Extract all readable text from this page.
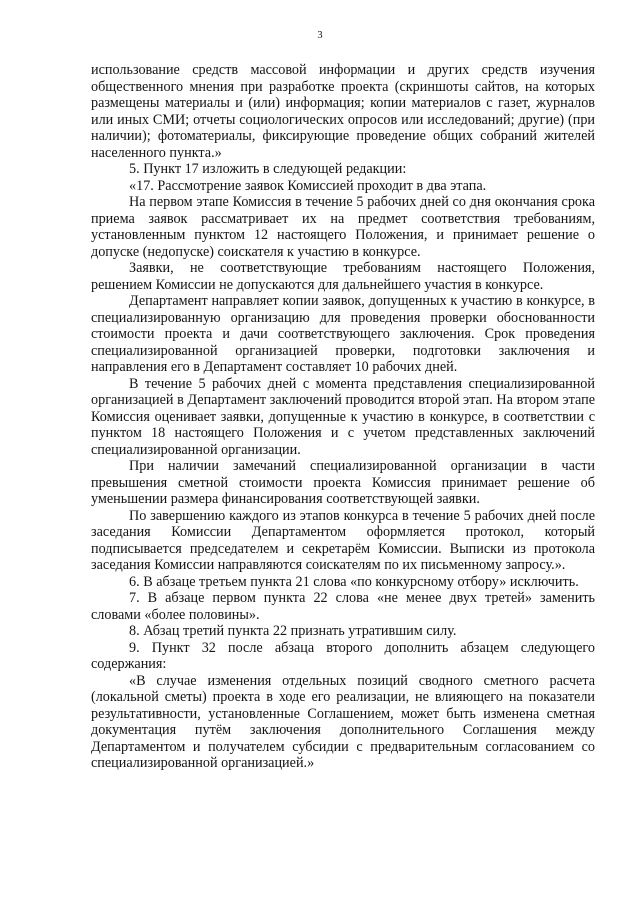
3

использование средств массовой информации и других средств изучения общественного мнения при разработке проекта (скриншоты сайтов, на которых размещены материалы и (или) информация; копии материалов с газет, журналов или иных СМИ; отчеты социологических опросов или исследований; другие) (при наличии); фотоматериалы, фиксирующие проведение общих собраний жителей населенного пункта.»

5. Пункт 17 изложить в следующей редакции:

«17. Рассмотрение заявок Комиссией проходит в два этапа.

На первом этапе Комиссия в течение 5 рабочих дней со дня окончания срока приема заявок рассматривает их на предмет соответствия требованиям, установленным пунктом 12 настоящего Положения, и принимает решение о допуске (недопуске) соискателя к участию в конкурсе.

Заявки, не соответствующие требованиям настоящего Положения, решением Комиссии не допускаются для дальнейшего участия в конкурсе.

Департамент направляет копии заявок, допущенных к участию в конкурсе, в специализированную организацию для проведения проверки обоснованности стоимости проекта и дачи соответствующего заключения. Срок проведения специализированной организацией проверки, подготовки заключения и направления его в Департамент составляет 10 рабочих дней.

В течение 5 рабочих дней с момента представления специализированной организацией в Департамент заключений проводится второй этап. На втором этапе Комиссия оценивает заявки, допущенные к участию в конкурсе, в соответствии с пунктом 18 настоящего Положения и с учетом представленных заключений специализированной организации.

При наличии замечаний специализированной организации в части превышения сметной стоимости проекта Комиссия принимает решение об уменьшении размера финансирования соответствующей заявки.

По завершению каждого из этапов конкурса в течение 5 рабочих дней после заседания Комиссии Департаментом оформляется протокол, который подписывается председателем и секретарём Комиссии. Выписки из протокола заседания Комиссии направляются соискателям по их письменному запросу.».

6. В абзаце третьем пункта 21 слова «по конкурсному отбору» исключить.

7. В абзаце первом пункта 22 слова «не менее двух третей» заменить словами «более половины».

8. Абзац третий пункта 22 признать утратившим силу.

9. Пункт 32 после абзаца второго дополнить абзацем следующего содержания:

«В случае изменения отдельных позиций сводного сметного расчета (локальной сметы) проекта в ходе его реализации, не влияющего на показатели результативности, установленные Соглашением, может быть изменена сметная документация путём заключения дополнительного Соглашения между Департаментом и получателем субсидии с предварительным согласованием со специализированной организацией.»
